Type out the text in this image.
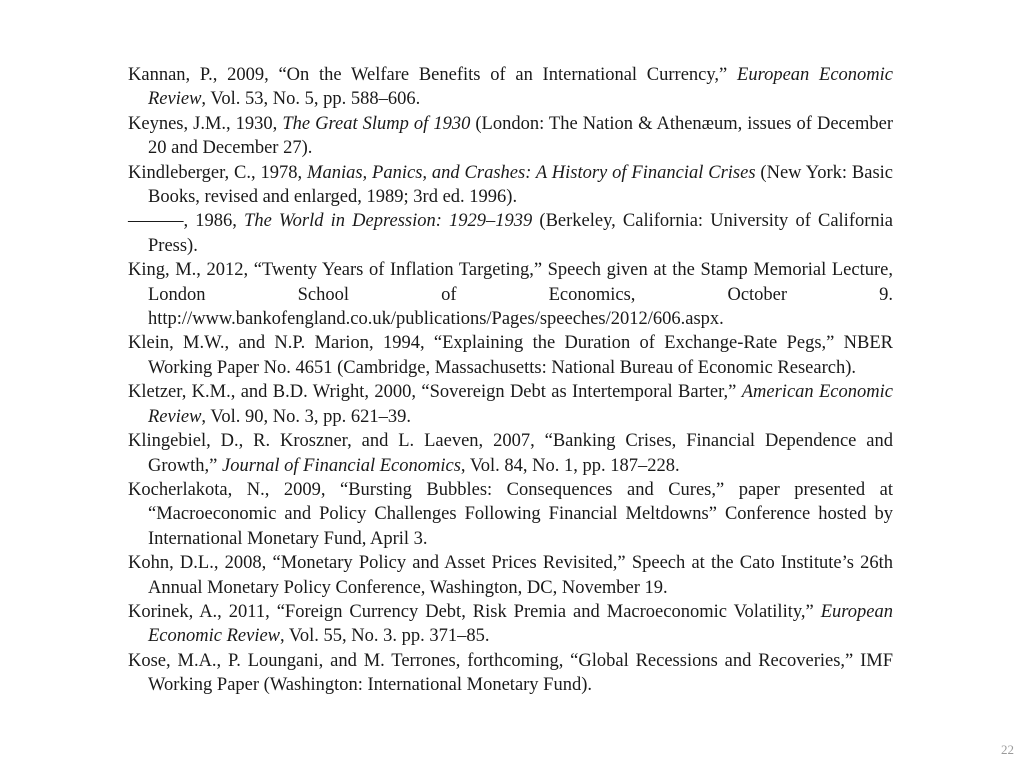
Kannan, P., 2009, “On the Welfare Benefits of an International Currency,” European Economic Review, Vol. 53, No. 5, pp. 588–606.
Keynes, J.M., 1930, The Great Slump of 1930 (London: The Nation & Athenæum, issues of December 20 and December 27).
Kindleberger, C., 1978, Manias, Panics, and Crashes: A History of Financial Crises (New York: Basic Books, revised and enlarged, 1989; 3rd ed. 1996).
———, 1986, The World in Depression: 1929–1939 (Berkeley, California: University of California Press).
King, M., 2012, “Twenty Years of Inflation Targeting,” Speech given at the Stamp Memorial Lecture, London School of Economics, October 9. http://www.bankofengland.co.uk/publications/Pages/speeches/2012/606.aspx.
Klein, M.W., and N.P. Marion, 1994, “Explaining the Duration of Exchange-Rate Pegs,” NBER Working Paper No. 4651 (Cambridge, Massachusetts: National Bureau of Economic Research).
Kletzer, K.M., and B.D. Wright, 2000, “Sovereign Debt as Intertemporal Barter,” American Economic Review, Vol. 90, No. 3, pp. 621–39.
Klingebiel, D., R. Kroszner, and L. Laeven, 2007, “Banking Crises, Financial Dependence and Growth,” Journal of Financial Economics, Vol. 84, No. 1, pp. 187–228.
Kocherlakota, N., 2009, “Bursting Bubbles: Consequences and Cures,” paper presented at “Macroeconomic and Policy Challenges Following Financial Meltdowns” Conference hosted by International Monetary Fund, April 3.
Kohn, D.L., 2008, “Monetary Policy and Asset Prices Revisited,” Speech at the Cato Institute’s 26th Annual Monetary Policy Conference, Washington, DC, November 19.
Korinek, A., 2011, “Foreign Currency Debt, Risk Premia and Macroeconomic Volatility,” European Economic Review, Vol. 55, No. 3. pp. 371–85.
Kose, M.A., P. Loungani, and M. Terrones, forthcoming, “Global Recessions and Recoveries,” IMF Working Paper (Washington: International Monetary Fund).
22
